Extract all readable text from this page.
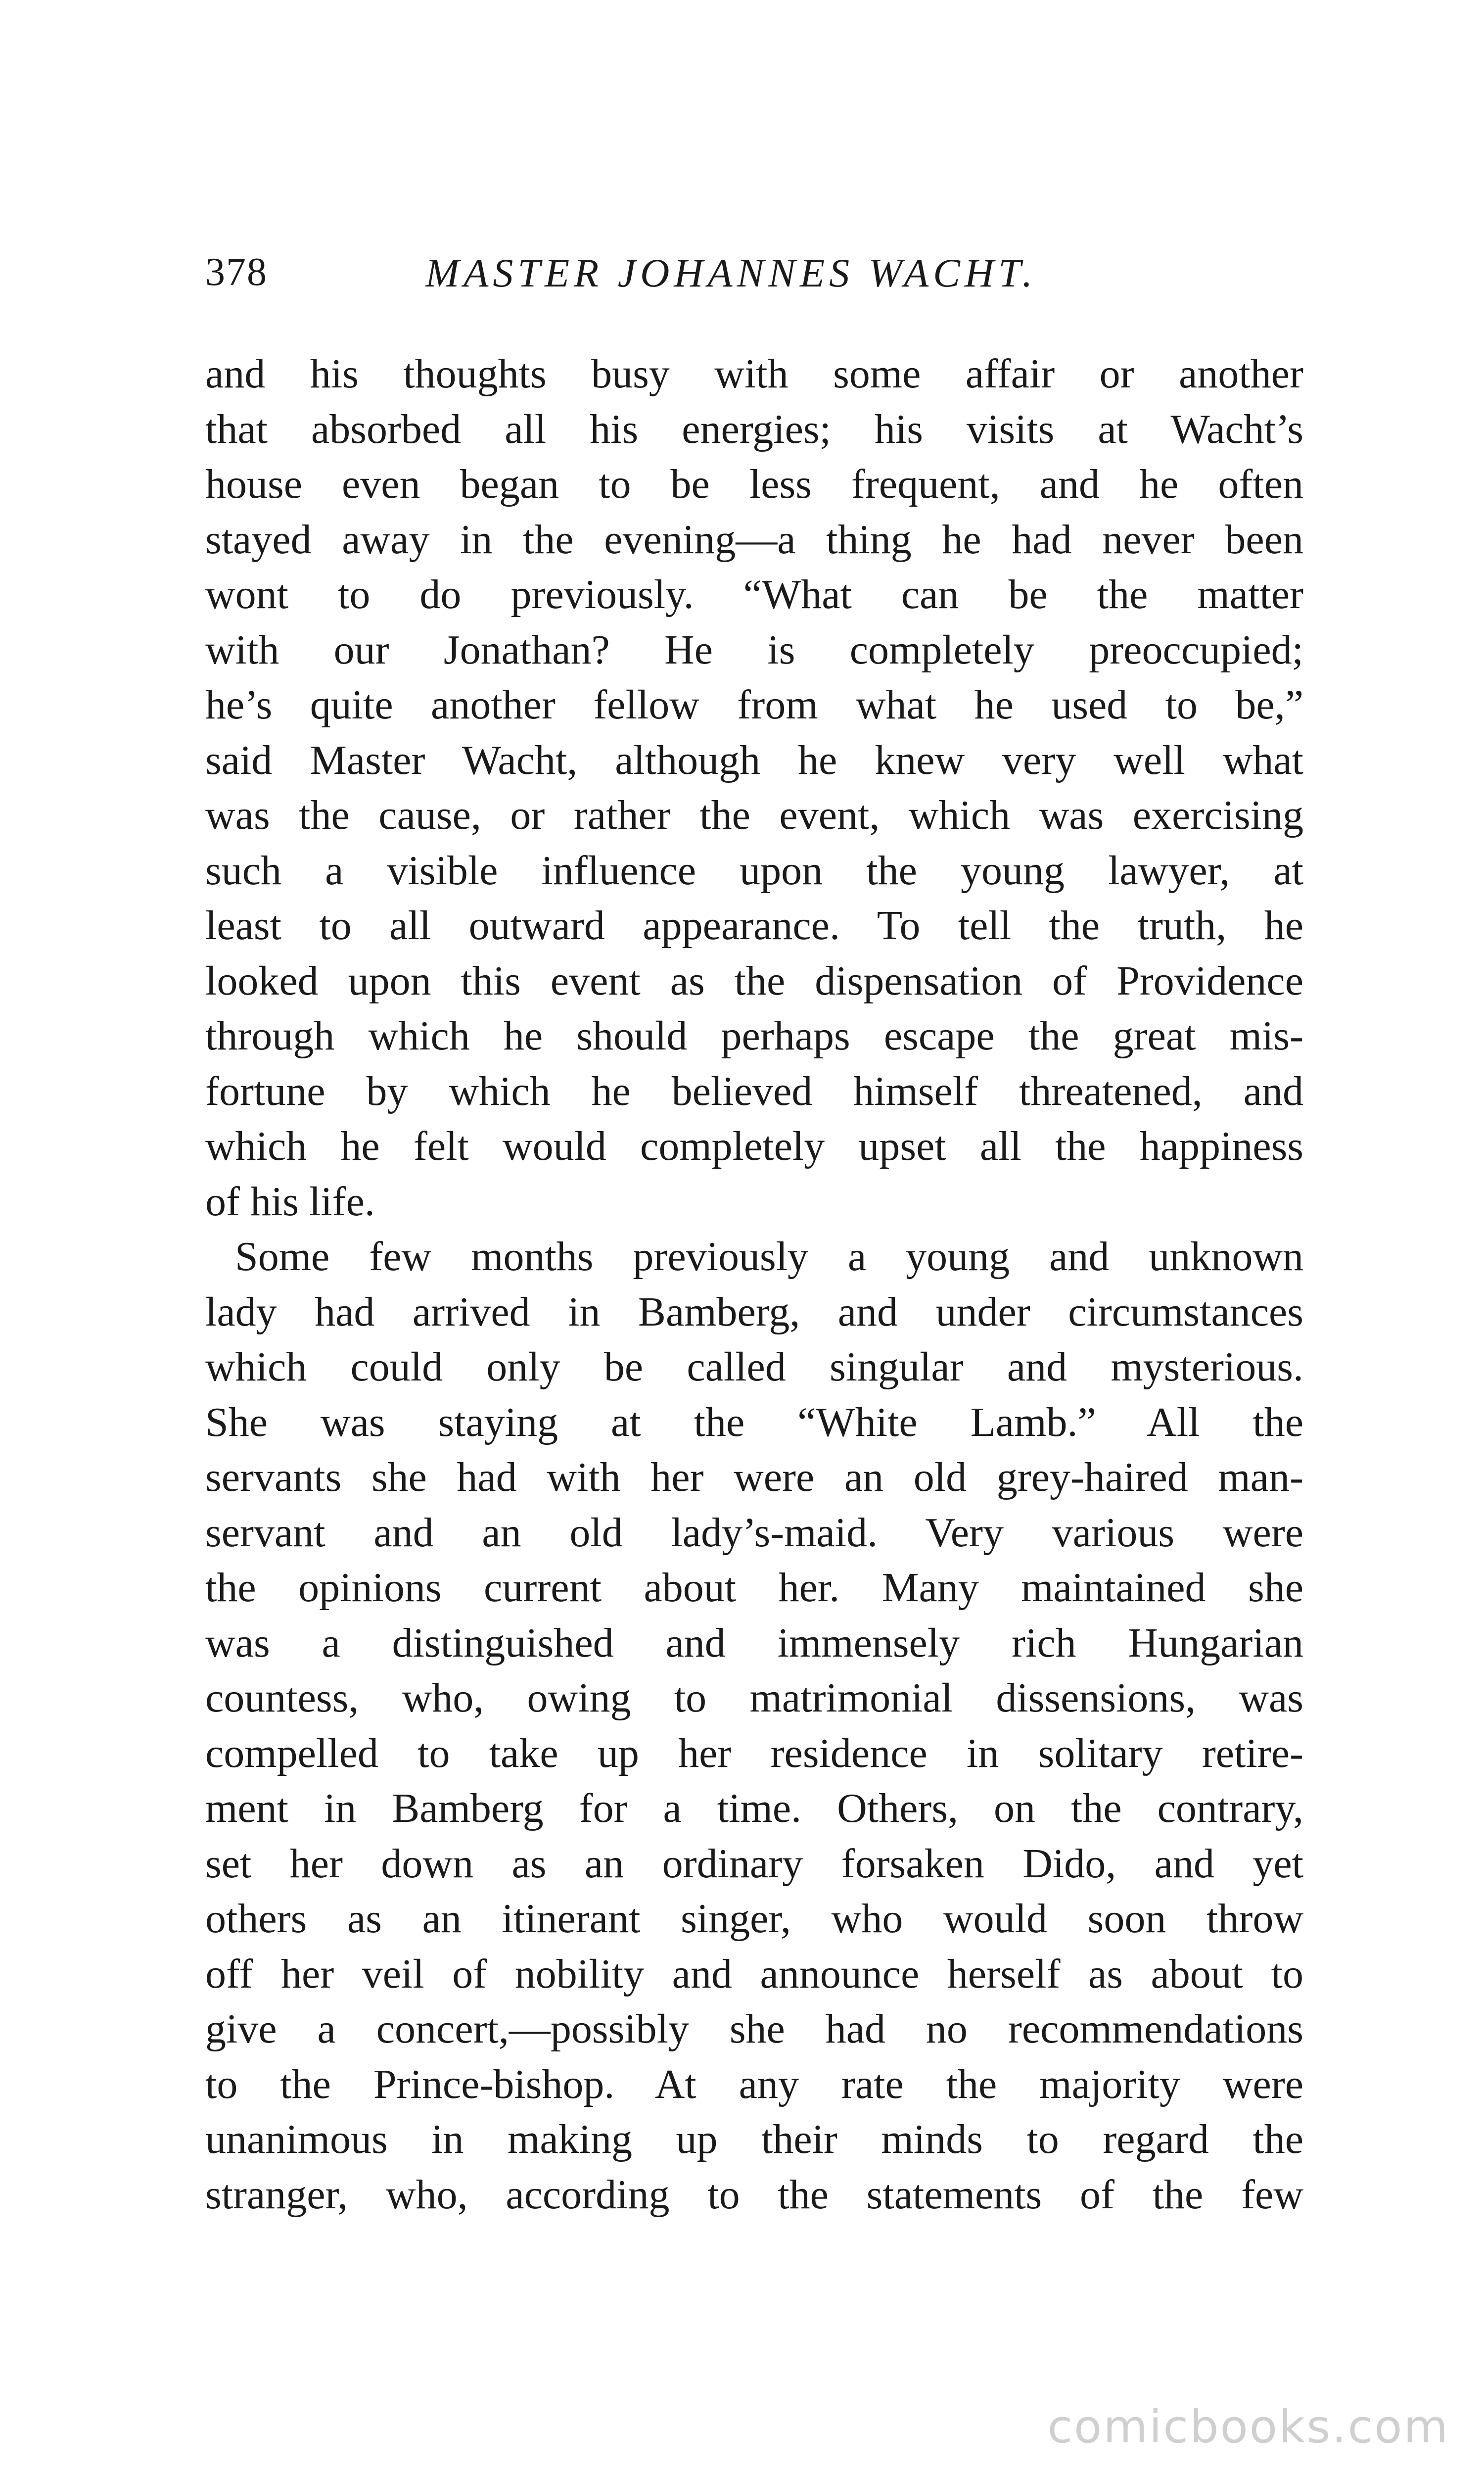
378	MASTER JOHANNES WACHT.
and his thoughts busy with some affair or another
that absorbed all his energies; his visits at Wacht’s
house even began to be less frequent, and he often
stayed away in the evening—a thing he had never been
wont to do previously. “What can be the matter
with our Jonathan? He is completely preoccupied;
he’s quite another fellow from what he used to be,”
said Master Wacht, although he knew very well what
was the cause, or rather the event, which was exercising
such a visible influence upon the young lawyer, at
least to all outward appearance. To tell the truth, he
looked upon this event as the dispensation of Providence
through which he should perhaps escape the great mis-
fortune by which he believed himself threatened, and
which he felt would completely upset all the happiness
of his life.
Some few months previously a young and unknown
lady had arrived in Bamberg, and under circumstances
which could only be called singular and mysterious.
She was staying at the “White Lamb.” All the
servants she had with her were an old grey-haired man-
servant and an old lady’s-maid. Very various were
the opinions current about her. Many maintained she
was a distinguished and immensely rich Hungarian
countess, who, owing to matrimonial dissensions, was
compelled to take up her residence in solitary retire-
ment in Bamberg for a time. Others, on the contrary,
set her down as an ordinary forsaken Dido, and yet
others as an itinerant singer, who would soon throw
off her veil of nobility and announce herself as about to
give a concert,—possibly she had no recommendations
to the Prince-bishop. At any rate the majority were
unanimous in making up their minds to regard the
stranger, who, according to the statements of the few
comicbooks.com
